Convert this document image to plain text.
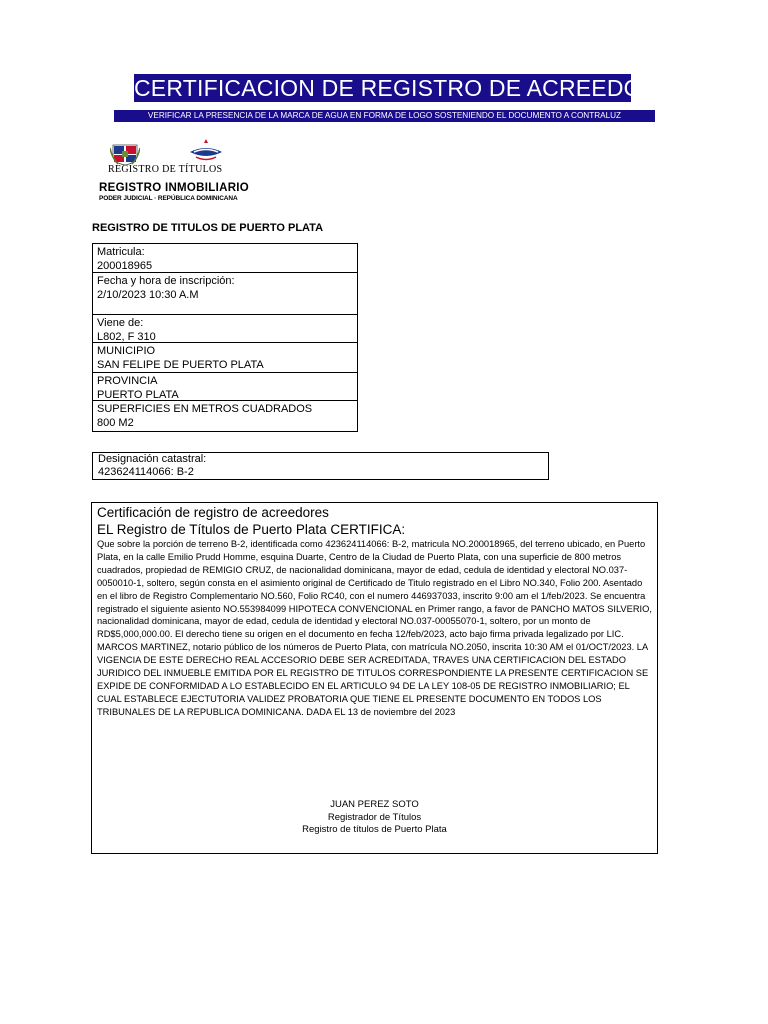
CERTIFICACION DE REGISTRO DE ACREEDOR
VERIFICAR LA PRESENCIA DE LA MARCA DE AGUA EN FORMA DE LOGO SOSTENIENDO EL DOCUMENTO A CONTRALUZ
REGISTRO DE TÍTULOS
REGISTRO INMOBILIARIO
PODER JUDICIAL · REPÚBLICA DOMINICANA
REGISTRO DE TITULOS DE PUERTO PLATA
Matricula:
200018965
Fecha y hora de inscripción:
2/10/2023 10:30 A.M
Viene de:
L802, F 310
MUNICIPIO
SAN FELIPE DE PUERTO PLATA
PROVINCIA
PUERTO PLATA
SUPERFICIES EN METROS CUADRADOS
800 M2
Designación catastral:
423624114066: B-2
Certificación de registro de acreedores
EL Registro de Títulos de Puerto Plata CERTIFICA:
Que sobre la porción de terreno B-2, identificada como 423624114066: B-2, matricula NO.200018965, del terreno ubicado, en Puerto Plata, en la calle Emilio Prudd Homme, esquina Duarte, Centro de la Ciudad de Puerto Plata, con una superficie de 800 metros cuadrados, propiedad de REMIGIO CRUZ, de nacionalidad dominicana, mayor de edad, cedula de identidad y electoral NO.037-0050010-1, soltero, según consta en el asimiento original de Certificado de Titulo registrado en el Libro NO.340, Folio 200. Asentado en el libro de Registro Complementario NO.560, Folio RC40, con el numero 446937033, inscrito 9:00 am el 1/feb/2023. Se encuentra registrado el siguiente asiento NO.553984099 HIPOTECA CONVENCIONAL en Primer rango, a favor de PANCHO MATOS SILVERIO, nacionalidad dominicana, mayor de edad, cedula de identidad y electoral NO.037-00055070-1, soltero, por un monto de RD$5,000,000.00. El derecho tiene su origen en el documento en fecha 12/feb/2023, acto bajo firma privada legalizado por LIC. MARCOS MARTINEZ, notario público de los números de Puerto Plata, con matrícula NO.2050, inscrita 10:30 AM el 01/OCT/2023. LA VIGENCIA DE ESTE DERECHO REAL ACCESORIO DEBE SER ACREDITADA, TRAVES UNA CERTIFICACION DEL ESTADO JURIDICO DEL INMUEBLE EMITIDA POR EL REGISTRO DE TITULOS CORRESPONDIENTE LA PRESENTE CERTIFICACION SE EXPIDE DE CONFORMIDAD A LO ESTABLECIDO EN EL ARTICULO 94 DE LA LEY 108-05 DE REGISTRO INMOBILIARIO; EL CUAL ESTABLECE EJECTUTORIA VALIDEZ PROBATORIA QUE TIENE EL PRESENTE DOCUMENTO EN TODOS LOS TRIBUNALES DE LA REPUBLICA DOMINICANA. DADA EL 13 de noviembre del 2023
JUAN PEREZ SOTO
Registrador de Títulos
Registro de títulos de Puerto Plata
